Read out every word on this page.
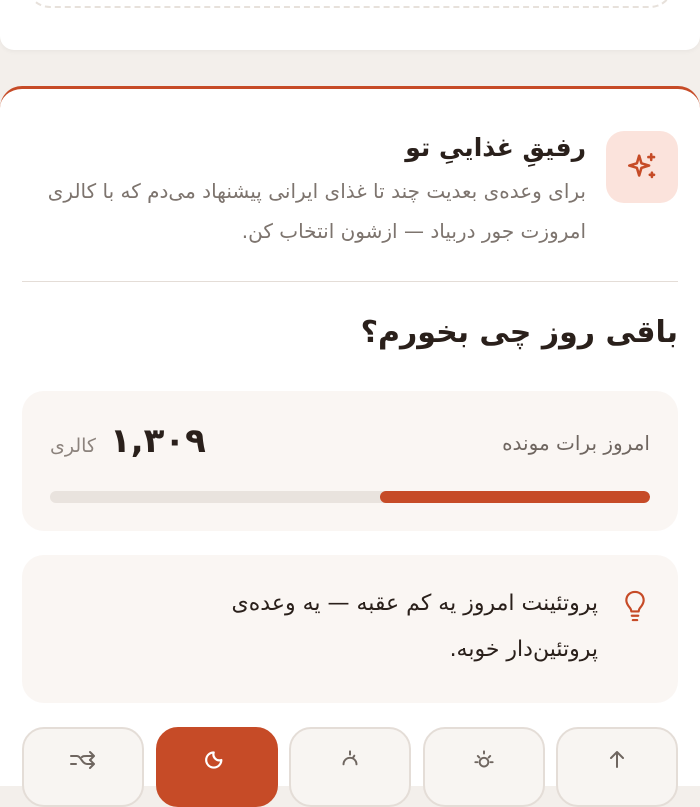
رفیقِ غذاییِ تو
برای وعده‌ی بعدیت چند تا غذای ایرانی پیشنهاد می‌دم که با کالری امروزت جور دربیاد — ازشون انتخاب کن.
باقی روز چی بخورم؟
امروز برات مونده
کالری ۱,۳۰۹
پروتئینت امروز یه کم عقبه — یه وعده‌ی پروتئین‌دار خوبه.
